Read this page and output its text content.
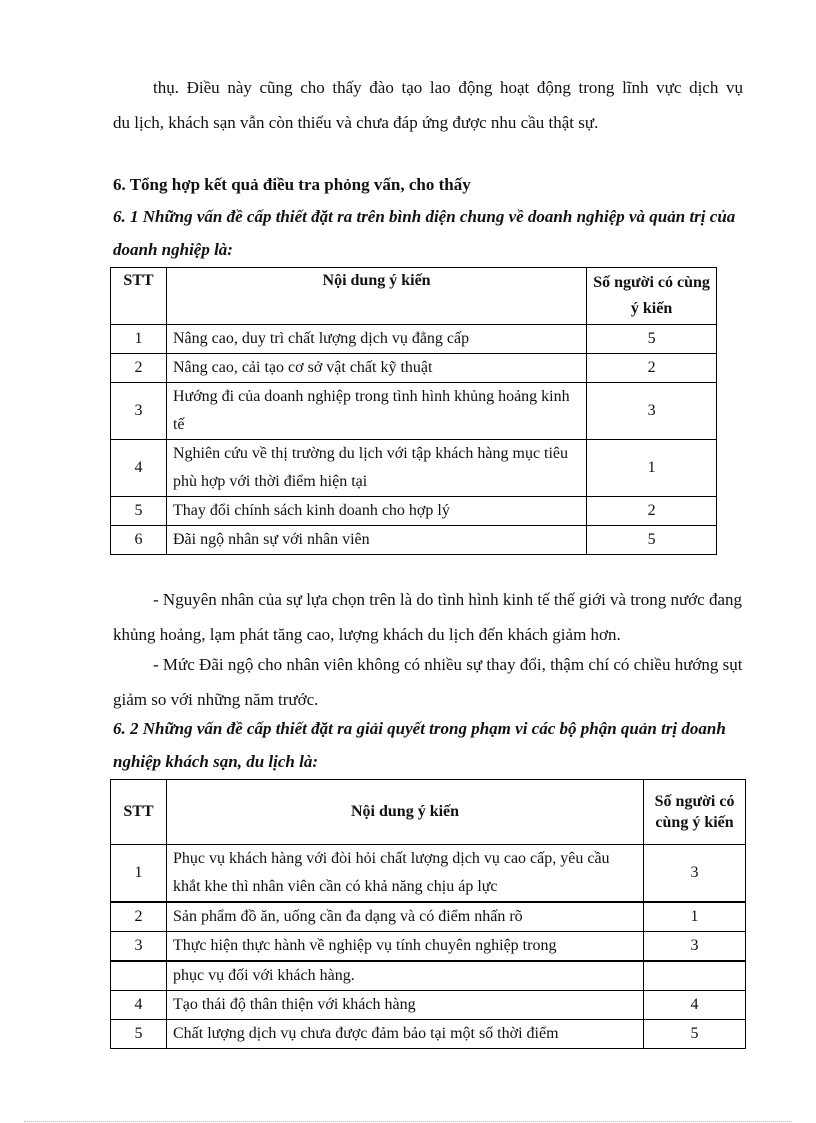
thụ. Điều này cũng cho thấy đào tạo lao động hoạt động trong lĩnh vực dịch vụ

du lịch, khách sạn vẫn còn thiếu và chưa đáp ứng được nhu cầu thật sự.

6. Tổng hợp kết quả điều tra phỏng vấn, cho thấy

6. 1 Những vấn đề cấp thiết đặt ra trên bình diện chung về doanh nghiệp và quản trị của doanh nghiệp là:

STT	Nội dung ý kiến	Số người có cùng ý kiến
1	Nâng cao, duy trì chất lượng dịch vụ đẳng cấp	5
2	Nâng cao, cải tạo cơ sở vật chất kỹ thuật	2
3	Hướng đi của doanh nghiệp trong tình hình khủng hoảng kinh tế	3
4	Nghiên cứu về thị trường du lịch với tập khách hàng mục tiêu phù hợp với thời điểm hiện tại	1
5	Thay đổi chính sách kinh doanh cho hợp lý	2
6	Đãi ngộ nhân sự với nhân viên	5

- Nguyên nhân của sự lựa chọn trên là do tình hình kinh tế thế giới và trong nước đang khủng hoảng, lạm phát tăng cao, lượng khách du lịch đến khách giảm hơn.

- Mức Đãi ngộ cho nhân viên không có nhiều sự thay đổi, thậm chí có chiều hướng sụt giảm so với những năm trước.

6. 2 Những vấn đề cấp thiết đặt ra giải quyết trong phạm vi các bộ phận quản trị doanh nghiệp khách sạn, du lịch là:

STT	Nội dung ý kiến	Số người có cùng ý kiến
1	Phục vụ khách hàng với đòi hỏi chất lượng dịch vụ cao cấp, yêu cầu khắt khe thì nhân viên cần có khả năng chịu áp lực	3
2	Sản phẩm đồ ăn, uống cần đa dạng và có điểm nhấn rõ	1
3	Thực hiện thực hành về nghiệp vụ tính chuyên nghiệp trong	3
	phục vụ đối với khách hàng.	
4	Tạo thái độ thân thiện với khách hàng	4
5	Chất lượng dịch vụ chưa được đảm bảo tại một số thời điểm	5
